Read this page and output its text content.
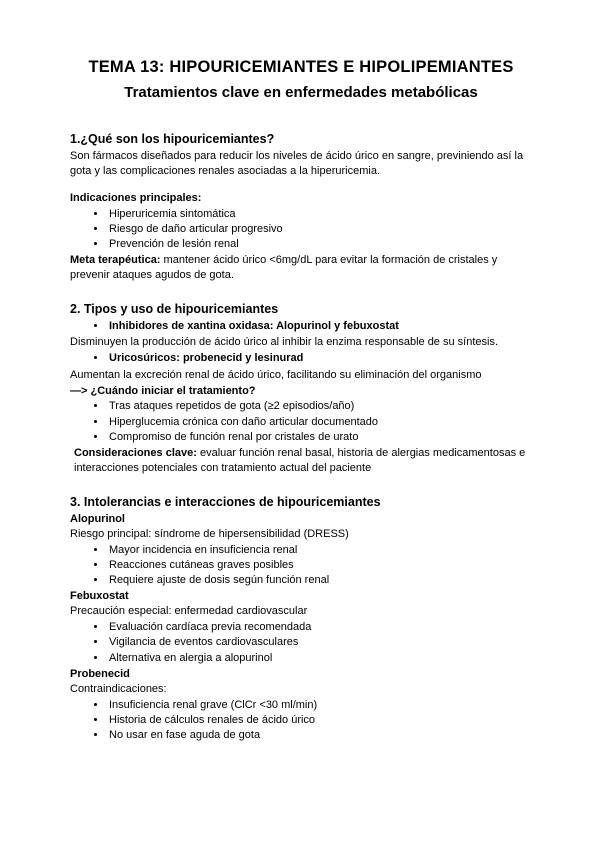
TEMA 13: HIPOURICEMIANTES E HIPOLIPEMIANTES
Tratamientos clave en enfermedades metabólicas
1.¿Qué son los hipouricemiantes?

Son fármacos diseñados para reducir los niveles de ácido úrico en sangre, previniendo así la gota y las complicaciones renales asociadas a la hiperuricemia.

Indicaciones principales:

• Hiperuricemia sintomática
• Riesgo de daño articular progresivo
• Prevención de lesión renal

Meta terapéutica: mantener ácido úrico <6mg/dL para evitar la formación de cristales y prevenir ataques agudos de gota.

2. Tipos y uso de hipouricemiantes
• Inhibidores de xantina oxidasa: Alopurinol y febuxostat

Disminuyen la producción de ácido úrico al inhibir la enzima responsable de su síntesis.

• Uricosúricos: probenecid y lesinurad

Aumentan la excreción renal de ácido úrico, facilitando su eliminación del organismo

—> ¿Cuándo iniciar el tratamiento?

• Tras ataques repetidos de gota (≥2 episodios/año)
• Hiperglucemia crónica con daño articular documentado
• Compromiso de función renal por cristales de urato

Consideraciones clave: evaluar función renal basal, historia de alergias medicamentosas e interacciones potenciales con tratamiento actual del paciente

3. Intolerancias e interacciones de hipouricemiantes

Alopurinol

Riesgo principal: síndrome de hipersensibilidad (DRESS)

• Mayor incidencia en insuficiencia renal
• Reacciones cutáneas graves posibles
• Requiere ajuste de dosis según función renal

Febuxostat

Precaución especial: enfermedad cardiovascular

• Evaluación cardíaca previa recomendada
• Vigilancia de eventos cardiovasculares
• Alternativa en alergia a alopurinol

Probenecid

Contraindicaciones:

• Insuficiencia renal grave (ClCr <30 ml/min)
• Historia de cálculos renales de ácido úrico
• No usar en fase aguda de gota
